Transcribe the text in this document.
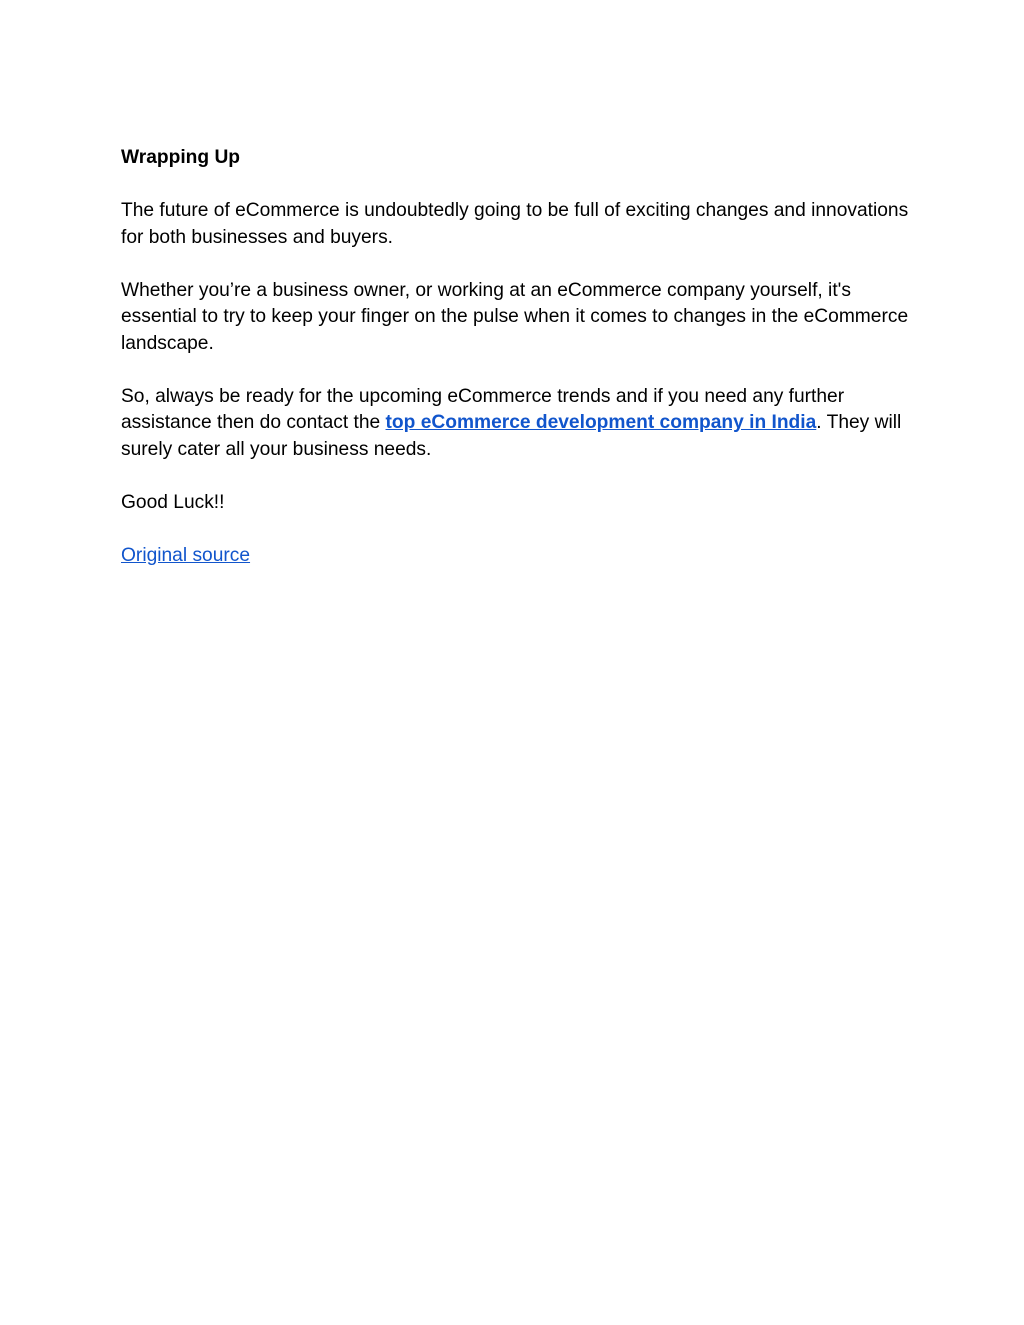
Wrapping Up

The future of eCommerce is undoubtedly going to be full of exciting changes and innovations for both businesses and buyers.

Whether you’re a business owner, or working at an eCommerce company yourself, it's essential to try to keep your finger on the pulse when it comes to changes in the eCommerce landscape.

So, always be ready for the upcoming eCommerce trends and if you need any further assistance then do contact the top eCommerce development company in India. They will surely cater all your business needs.

Good Luck!!

Original source
